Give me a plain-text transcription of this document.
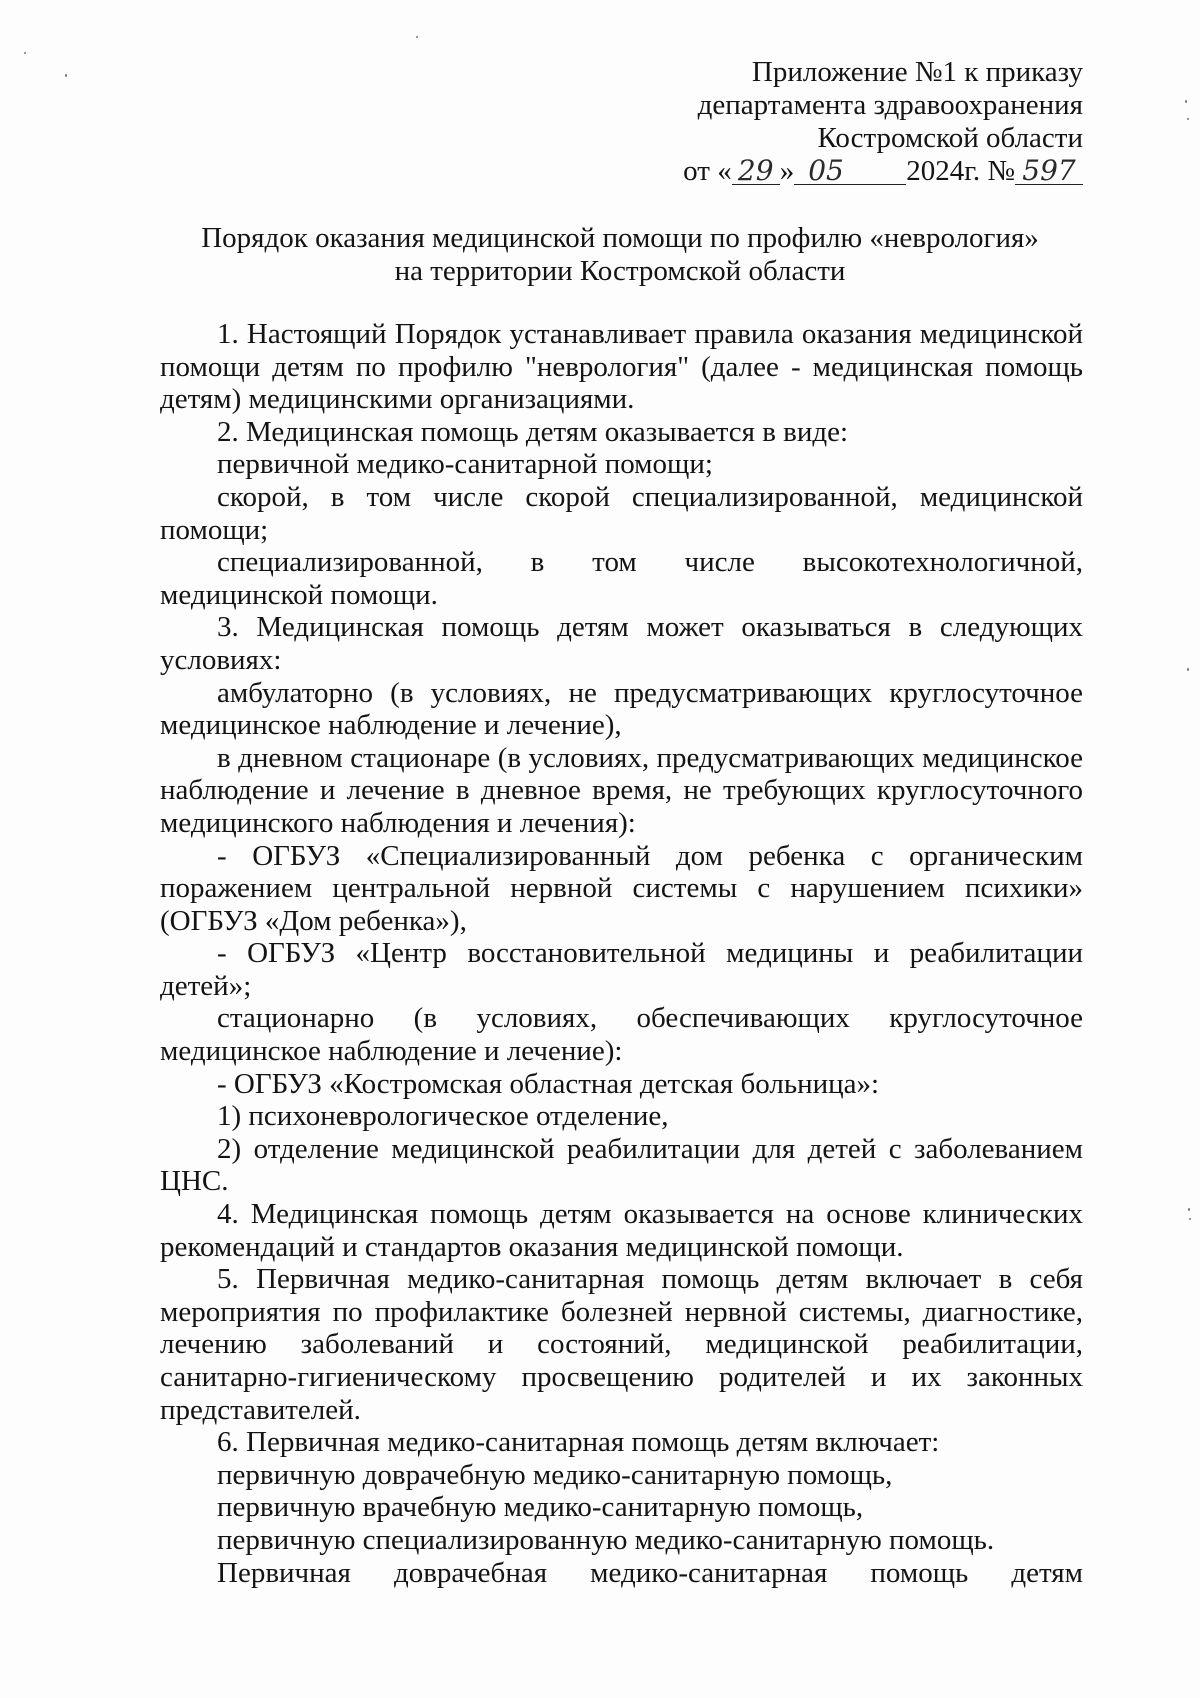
Приложение №1 к приказу
департамента здравоохранения
Костромской области
от « 29 » 05 2024г. № 597
Порядок оказания медицинской помощи по профилю «неврология»
на территории Костромской области

1. Настоящий Порядок устанавливает правила оказания медицинской помощи детям по профилю "неврология" (далее - медицинская помощь детям) медицинскими организациями.

2. Медицинская помощь детям оказывается в виде:

первичной медико-санитарной помощи;

скорой, в том числе скорой специализированной, медицинской помощи;

специализированной, в том числе высокотехнологичной, медицинской помощи.

3. Медицинская помощь детям может оказываться в следующих условиях:

амбулаторно (в условиях, не предусматривающих круглосуточное медицинское наблюдение и лечение),

в дневном стационаре (в условиях, предусматривающих медицинское наблюдение и лечение в дневное время, не требующих круглосуточного медицинского наблюдения и лечения):

- ОГБУЗ «Специализированный дом ребенка с органическим поражением центральной нервной системы с нарушением психики» (ОГБУЗ «Дом ребенка»),

- ОГБУЗ «Центр восстановительной медицины и реабилитации детей»;

стационарно (в условиях, обеспечивающих круглосуточное медицинское наблюдение и лечение):

- ОГБУЗ «Костромская областная детская больница»:

1) психоневрологическое отделение,

2) отделение медицинской реабилитации для детей с заболеванием ЦНС.

4. Медицинская помощь детям оказывается на основе клинических рекомендаций и стандартов оказания медицинской помощи.

5. Первичная медико-санитарная помощь детям включает в себя мероприятия по профилактике болезней нервной системы, диагностике, лечению заболеваний и состояний, медицинской реабилитации, санитарно-гигиеническому просвещению родителей и их законных представителей.

6. Первичная медико-санитарная помощь детям включает:

первичную доврачебную медико-санитарную помощь,

первичную врачебную медико-санитарную помощь,

первичную специализированную медико-санитарную помощь.

Первичная доврачебная медико-санитарная помощь детям
